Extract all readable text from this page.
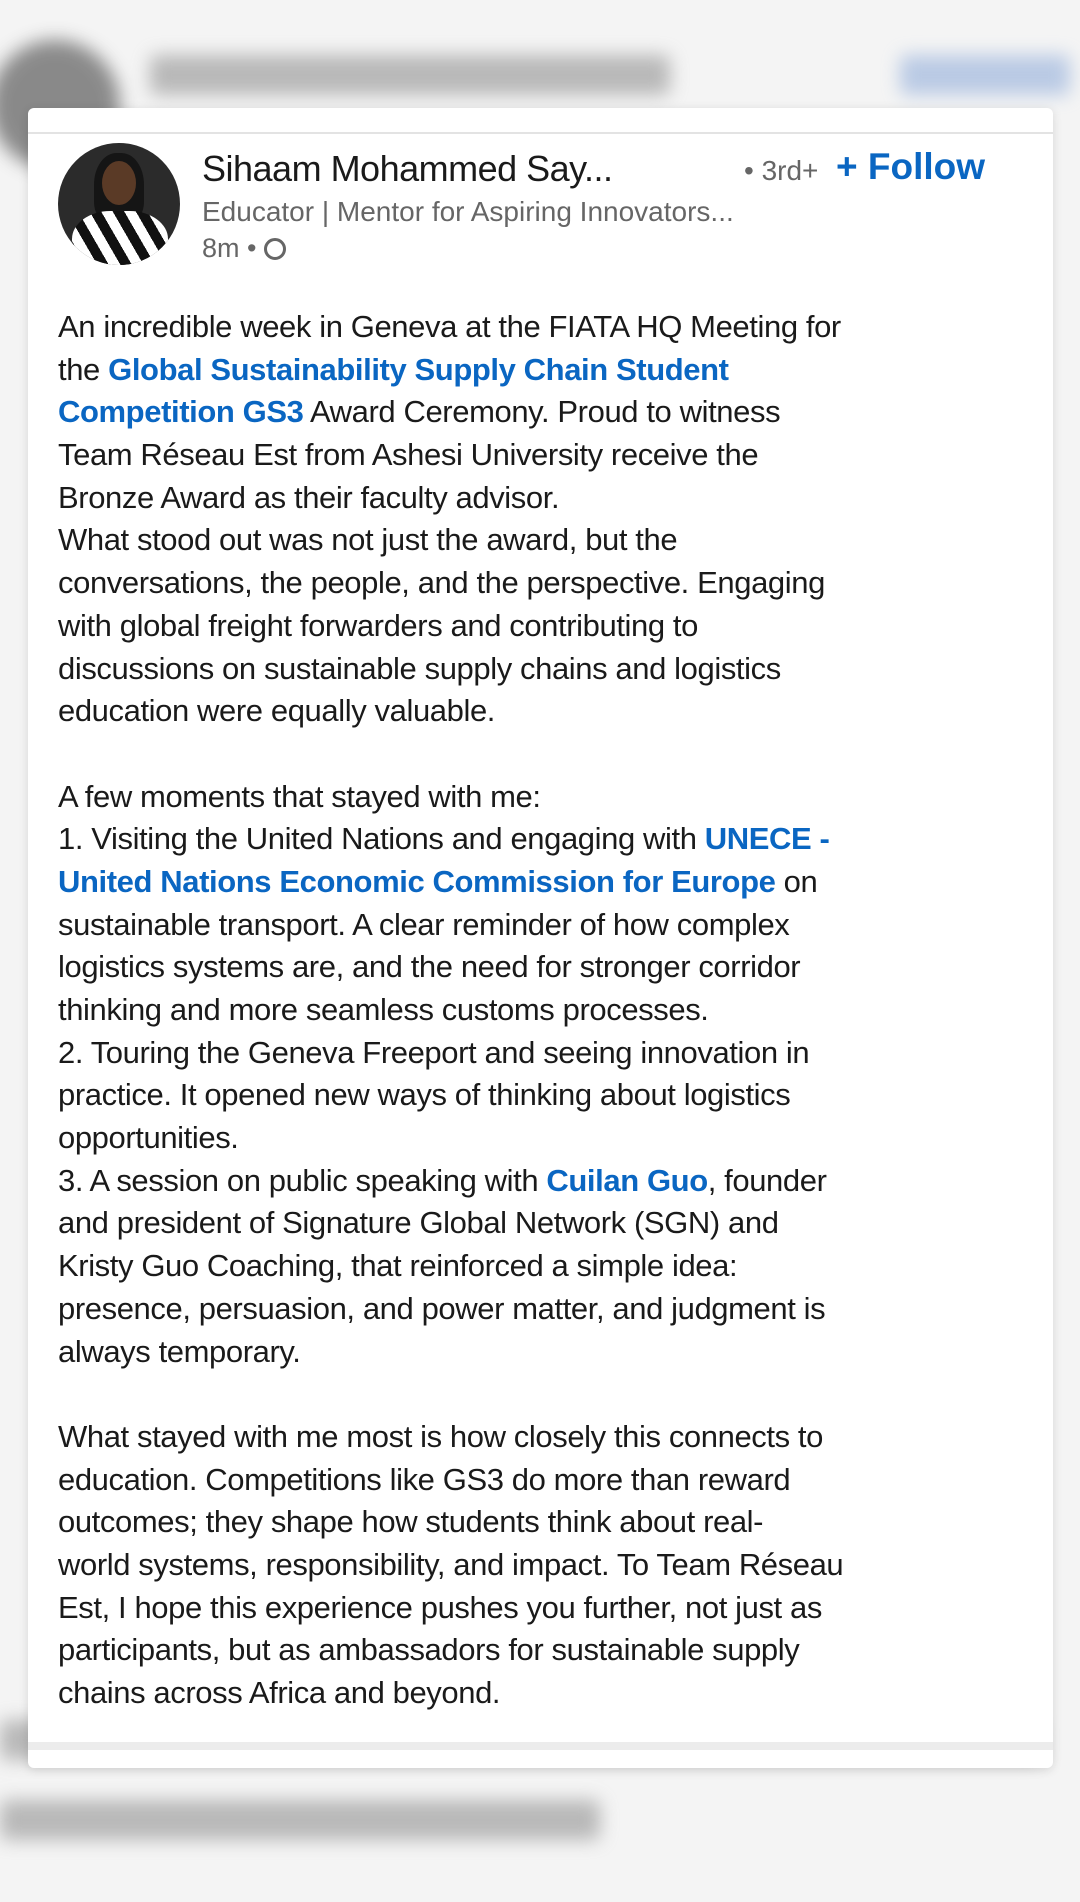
Sihaam Mohammed Say...	• 3rd+ + Follow
Educator | Mentor for Aspiring Innovators...
8m •
An incredible week in Geneva at the FIATA HQ Meeting for
the Global Sustainability Supply Chain Student
Competition GS3 Award Ceremony. Proud to witness
Team Réseau Est from Ashesi University receive the
Bronze Award as their faculty advisor.
What stood out was not just the award, but the
conversations, the people, and the perspective. Engaging
with global freight forwarders and contributing to
discussions on sustainable supply chains and logistics
education were equally valuable.
A few moments that stayed with me:
1. Visiting the United Nations and engaging with UNECE -
United Nations Economic Commission for Europe on
sustainable transport. A clear reminder of how complex
logistics systems are, and the need for stronger corridor
thinking and more seamless customs processes.
2. Touring the Geneva Freeport and seeing innovation in
practice. It opened new ways of thinking about logistics
opportunities.
3. A session on public speaking with Cuilan Guo, founder
and president of Signature Global Network (SGN) and
Kristy Guo Coaching, that reinforced a simple idea:
presence, persuasion, and power matter, and judgment is
always temporary.
What stayed with me most is how closely this connects to
education. Competitions like GS3 do more than reward
outcomes; they shape how students think about real-
world systems, responsibility, and impact. To Team Réseau
Est, I hope this experience pushes you further, not just as
participants, but as ambassadors for sustainable supply
chains across Africa and beyond.
